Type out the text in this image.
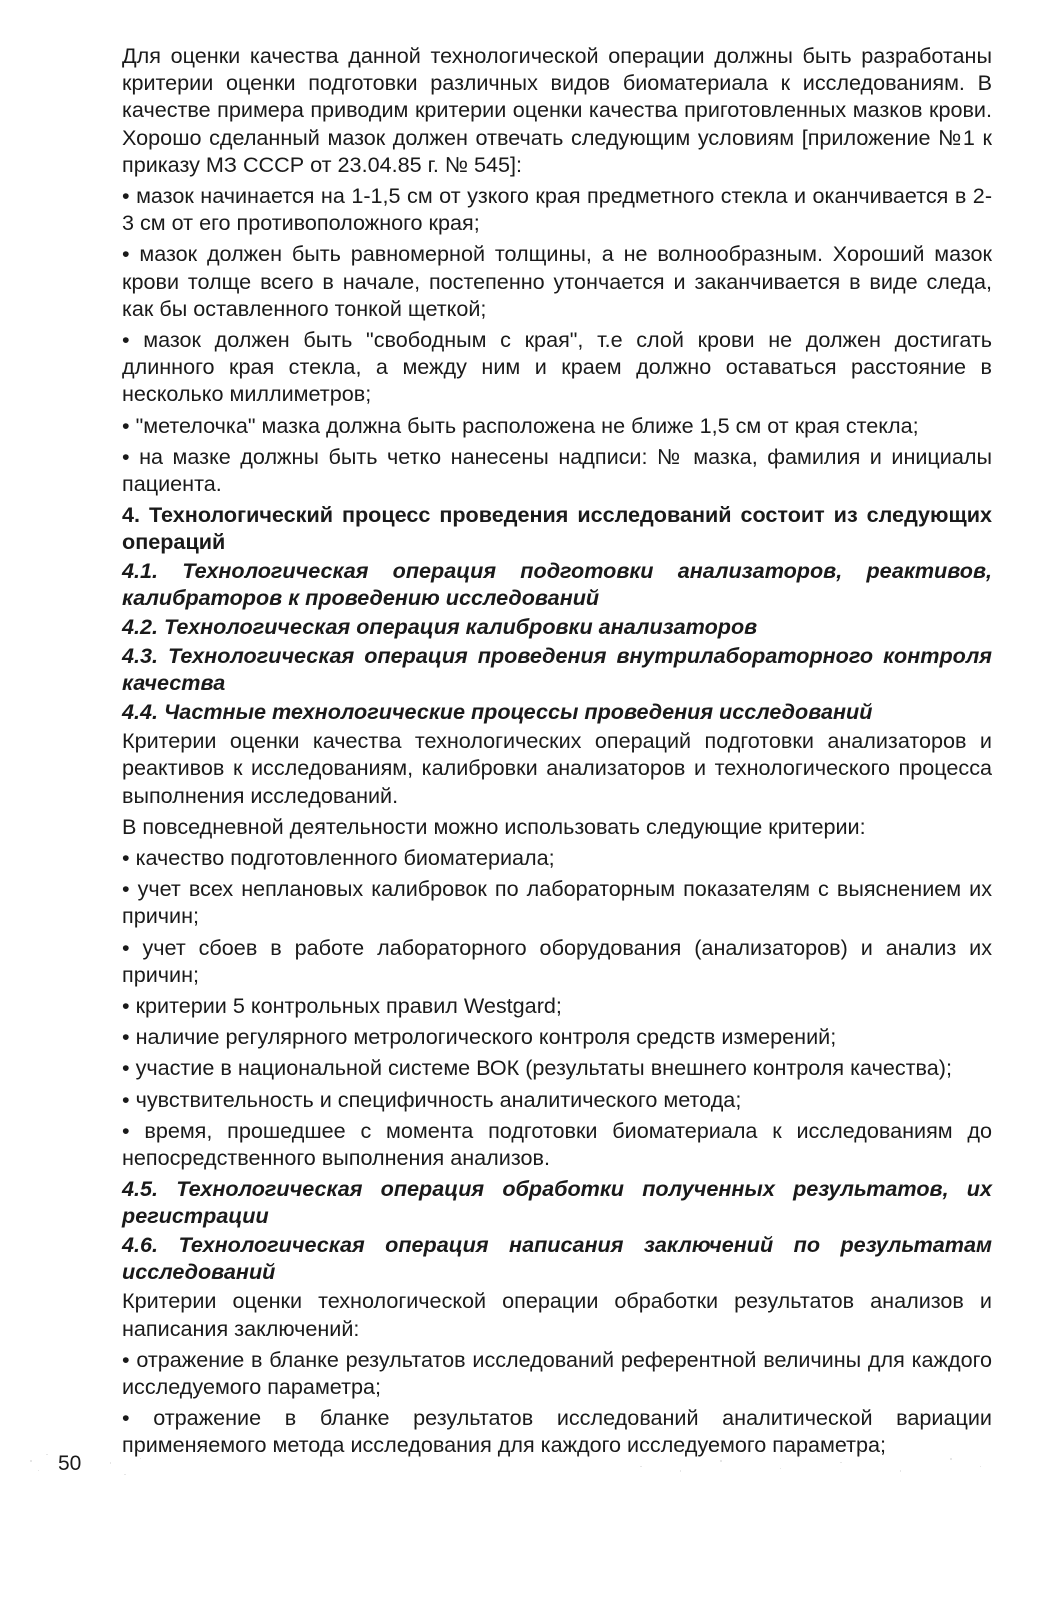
Для оценки качества данной технологической операции должны быть разработаны критерии оценки подготовки различных видов биоматериала к исследованиям. В качестве примера приводим критерии оценки качества приготовленных мазков крови. Хорошо сделанный мазок должен отвечать следующим условиям [приложение №1 к приказу МЗ СССР от 23.04.85 г. № 545]:

• мазок начинается на 1-1,5 см от узкого края предметного стекла и оканчивается в 2-3 см от его противоположного края;

• мазок должен быть равномерной толщины, а не волнообразным. Хороший мазок крови толще всего в начале, постепенно утончается и заканчивается в виде следа, как бы оставленного тонкой щеткой;

• мазок должен быть "свободным с края", т.е слой крови не должен достигать длинного края стекла, а между ним и краем должно оставаться расстояние в несколько миллиметров;

• "метелочка" мазка должна быть расположена не ближе 1,5 см от края стекла;

• на мазке должны быть четко нанесены надписи: № мазка, фамилия и инициалы пациента.

4. Технологический процесс проведения исследований состоит из следующих операций

4.1. Технологическая операция подготовки анализаторов, реактивов, калибраторов к проведению исследований

4.2. Технологическая операция калибровки анализаторов

4.3. Технологическая операция проведения внутрилабораторного контроля качества

4.4. Частные технологические процессы проведения исследований

Критерии оценки качества технологических операций подготовки анализаторов и реактивов к исследованиям, калибровки анализаторов и технологического процесса выполнения исследований.

В повседневной деятельности можно использовать следующие критерии:

• качество подготовленного биоматериала;

• учет всех неплановых калибровок по лабораторным показателям с выяснением их причин;

• учет сбоев в работе лабораторного оборудования (анализаторов) и анализ их причин;

• критерии 5 контрольных правил Westgard;

• наличие регулярного метрологического контроля средств измерений;

• участие в национальной системе ВОК (результаты внешнего контроля качества);

• чувствительность и специфичность аналитического метода;

• время, прошедшее с момента подготовки биоматериала к исследованиям до непосредственного выполнения анализов.

4.5. Технологическая операция обработки полученных результатов, их регистрации

4.6. Технологическая операция написания заключений по результатам исследований

Критерии оценки технологической операции обработки результатов анализов и написания заключений:

• отражение в бланке результатов исследований референтной величины для каждого исследуемого параметра;

• отражение в бланке результатов исследований аналитической вариации применяемого метода исследования для каждого исследуемого параметра;

50
